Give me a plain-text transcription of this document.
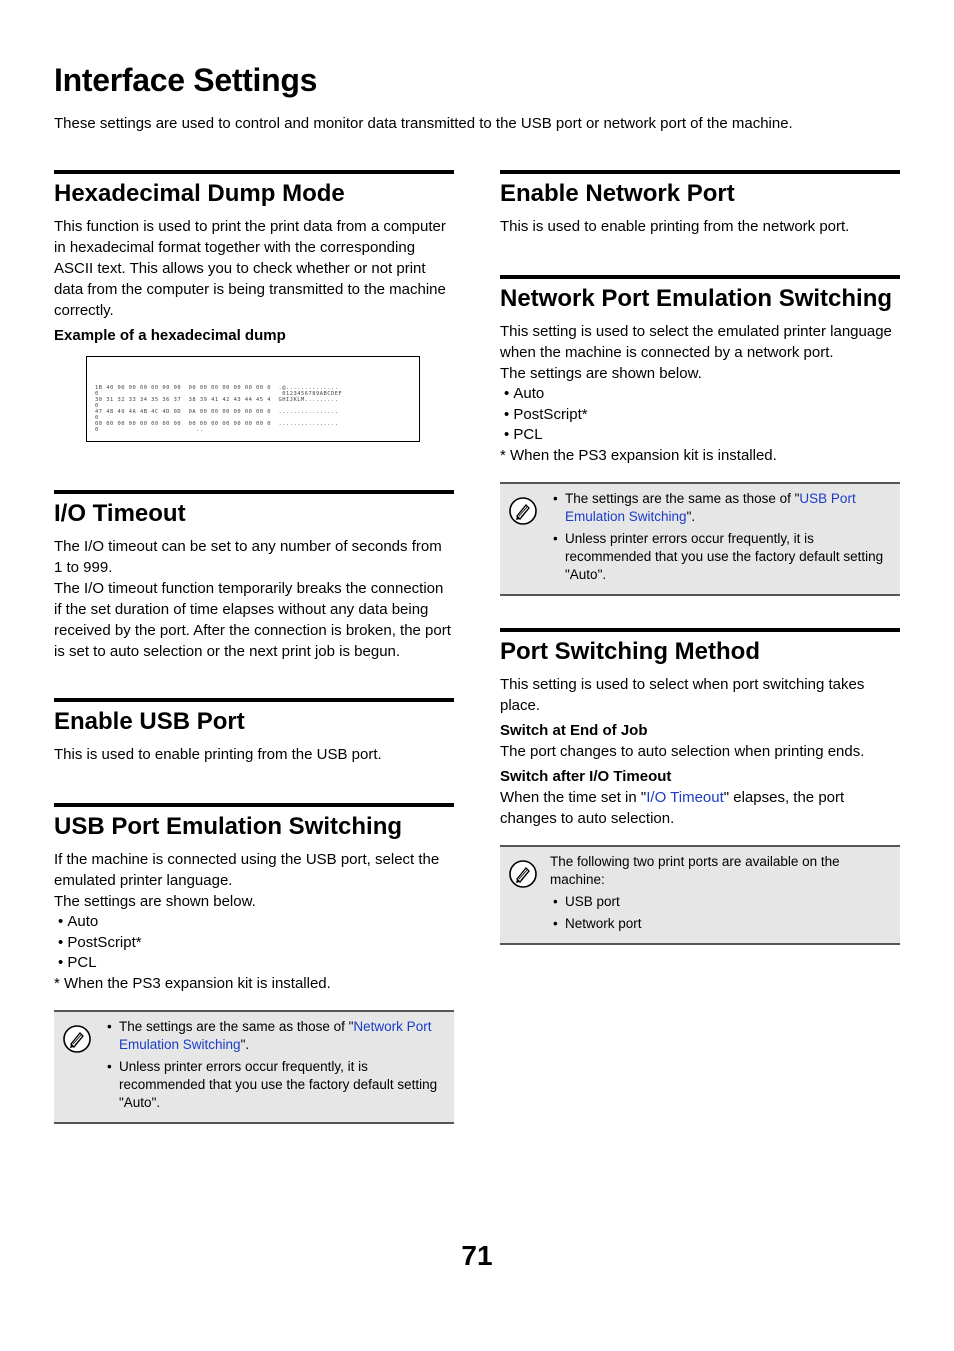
Interface Settings
These settings are used to control and monitor data transmitted to the USB port or network port of the machine.
Hexadecimal Dump Mode

This function is used to print the print data from a computer in hexadecimal format together with the corresponding ASCII text. This allows you to check whether or not print data from the computer is being transmitted to the machine correctly.

Example of a hexadecimal dump

1B 40 00 00 00 00 00 00  00 00 00 00 00 00 00 0  .@..............
0                                                 0123456789ABCDEF
30 31 32 33 34 35 36 37  38 39 41 42 43 44 45 4  GHIJKLM.........
0
47 48 49 4A 4B 4C 4D 0D  0A 00 00 00 00 00 00 0  ................
0
00 00 00 00 00 00 00 00  00 00 00 00 00 00 00 0  ................
0                          ..
I/O Timeout

The I/O timeout can be set to any number of seconds from 1 to 999.

The I/O timeout function temporarily breaks the connection if the set duration of time elapses without any data being received by the port. After the connection is broken, the port is set to auto selection or the next print job is begun.

Enable USB Port

This is used to enable printing from the USB port.

USB Port Emulation Switching

If the machine is connected using the USB port, select the emulated printer language.

The settings are shown below.

• Auto
• PostScript*
• PCL

* When the PS3 expansion kit is installed.

• The settings are the same as those of "Network Port Emulation Switching".
• Unless printer errors occur frequently, it is recommended that you use the factory default setting "Auto".
Enable Network Port

This is used to enable printing from the network port.

Network Port Emulation Switching

This setting is used to select the emulated printer language when the machine is connected by a network port.

The settings are shown below.

• Auto
• PostScript*
• PCL

* When the PS3 expansion kit is installed.

• The settings are the same as those of "USB Port Emulation Switching".
• Unless printer errors occur frequently, it is recommended that you use the factory default setting "Auto".
Port Switching Method

This setting is used to select when port switching takes place.

Switch at End of Job

The port changes to auto selection when printing ends.

Switch after I/O Timeout

When the time set in "I/O Timeout" elapses, the port changes to auto selection.

The following two print ports are available on the machine:

• USB port
• Network port
71
